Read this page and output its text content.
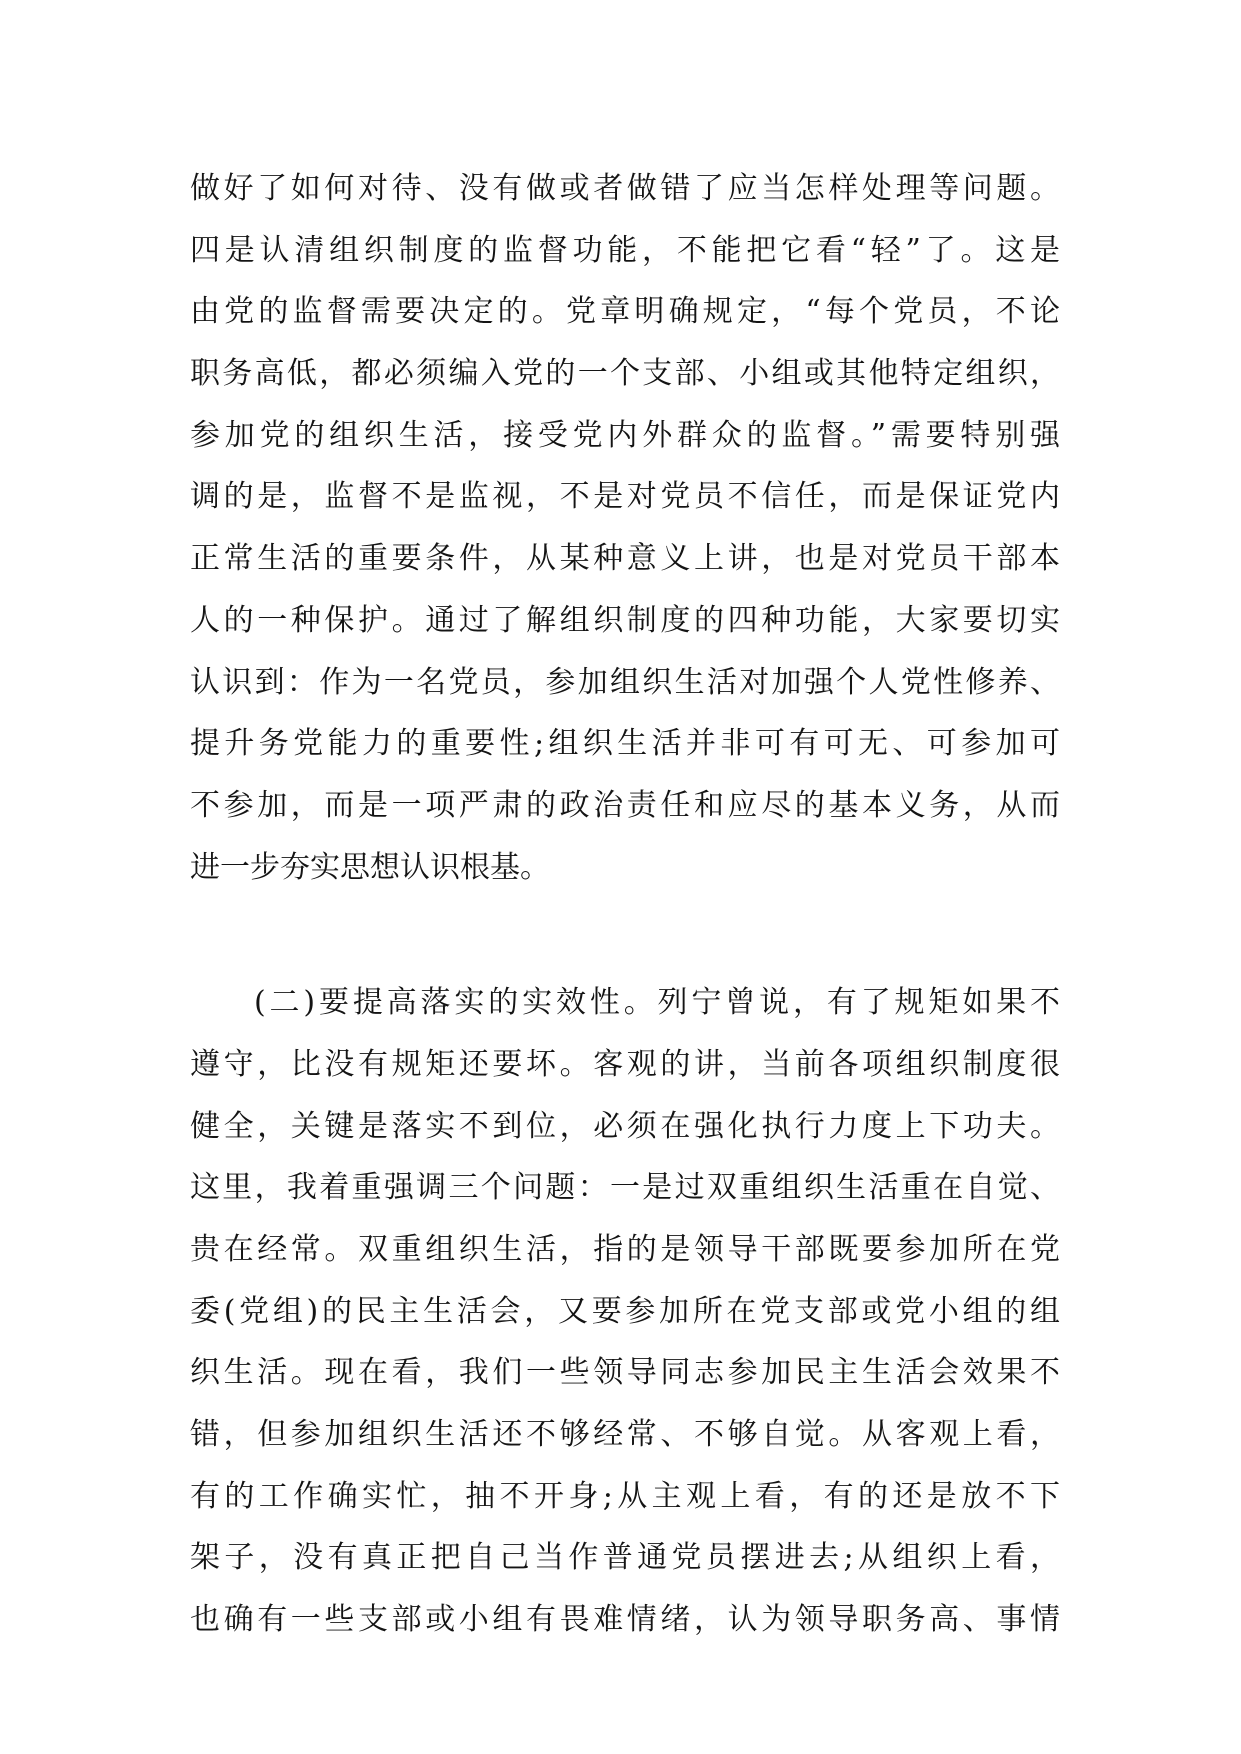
做好了如何对待、没有做或者做错了应当怎样处理等问题。
四是认清组织制度的监督功能，不能把它看“轻”了。这是
由党的监督需要决定的。党章明确规定，“每个党员，不论
职务高低，都必须编入党的一个支部、小组或其他特定组织，
参加党的组织生活，接受党内外群众的监督。”需要特别强
调的是，监督不是监视，不是对党员不信任，而是保证党内
正常生活的重要条件，从某种意义上讲，也是对党员干部本
人的一种保护。通过了解组织制度的四种功能，大家要切实
认识到：作为一名党员，参加组织生活对加强个人党性修养、
提升务党能力的重要性;组织生活并非可有可无、可参加可
不参加，而是一项严肃的政治责任和应尽的基本义务，从而
进一步夯实思想认识根基。
(二)要提高落实的实效性。列宁曾说，有了规矩如果不
遵守，比没有规矩还要坏。客观的讲，当前各项组织制度很
健全，关键是落实不到位，必须在强化执行力度上下功夫。
这里，我着重强调三个问题：一是过双重组织生活重在自觉、
贵在经常。双重组织生活，指的是领导干部既要参加所在党
委(党组)的民主生活会，又要参加所在党支部或党小组的组
织生活。现在看，我们一些领导同志参加民主生活会效果不
错，但参加组织生活还不够经常、不够自觉。从客观上看，
有的工作确实忙，抽不开身;从主观上看，有的还是放不下
架子，没有真正把自己当作普通党员摆进去;从组织上看，
也确有一些支部或小组有畏难情绪，认为领导职务高、事情
